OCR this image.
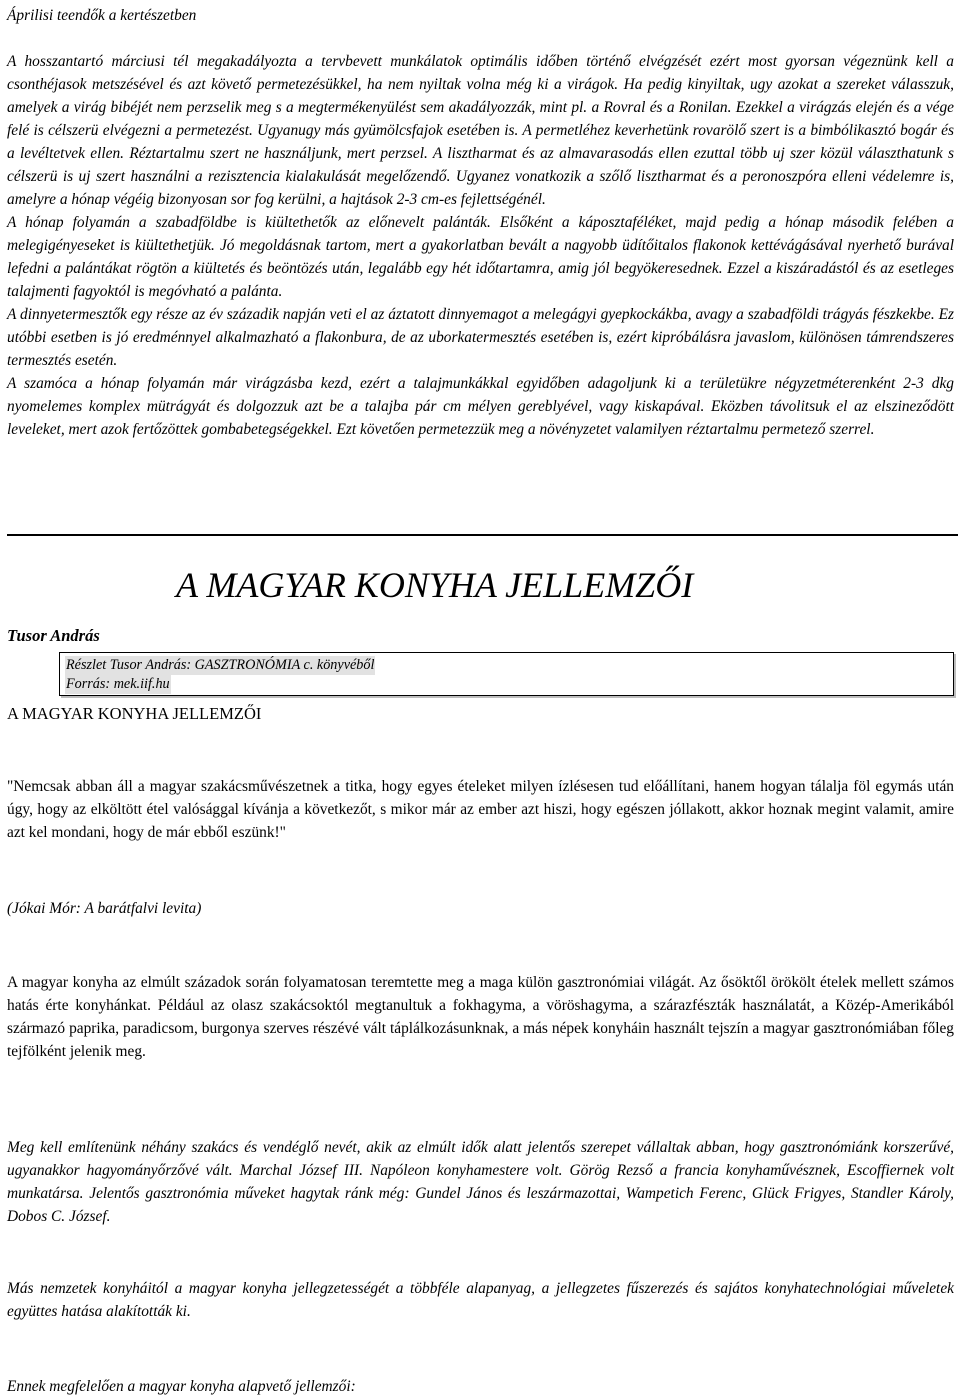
Áprilisi teendők a kertészetben

A hosszantartó márciusi tél megakadályozta a tervbevett munkálatok optimális időben történő elvégzését ezért most gyorsan végeznünk kell a csonthéjasok metszésével és azt követő permetezésükkel, ha nem nyiltak volna még ki a virágok. Ha pedig kinyiltak, ugy azokat a szereket válasszuk, amelyek a virág bibéjét nem perzselik meg s a megtermékenyülést sem akadályozzák, mint pl. a Rovral és a Ronilan. Ezekkel a virágzás elején és a vége felé is célszerü elvégezni a permetezést. Ugyanugy más gyümölcsfajok esetében is. A permetléhez keverhetünk rovarölő szert is a bimbólikasztó bogár és a levéltetvek ellen. Réztartalmu szert ne használjunk, mert perzsel. A lisztharmat és az almavarasodás ellen ezuttal több uj szer közül választhatunk s célszerü is uj szert használni a rezisztencia kialakulását megelőzendő. Ugyanez vonatkozik a szőlő lisztharmat és a peronoszpóra elleni védelemre is, amelyre a hónap végéig bizonyosan sor fog kerülni, a hajtások 2-3 cm-es fejlettségénél.

A hónap folyamán a szabadföldbe is kiültethetők az előnevelt palánták. Elsőként a káposztaféléket, majd pedig a hónap második felében a melegigényeseket is kiültethetjük. Jó megoldásnak tartom, mert a gyakorlatban bevált a nagyobb üdítőitalos flakonok kettévágásával nyerhető burával lefedni a palántákat rögtön a kiültetés és beöntözés után, legalább egy hét időtartamra, amig jól begyökeresednek. Ezzel a kiszáradástól és az esetleges talajmenti fagyoktól is megóvható a palánta.

A dinnyetermesztők egy része az év századik napján veti el az áztatott dinnyemagot a melegágyi gyepkockákba, avagy a szabadföldi trágyás fészkekbe. Ez utóbbi esetben is jó eredménnyel alkalmazható a flakonbura, de az uborkatermesztés esetében is, ezért kipróbálásra javaslom, különösen támrendszeres termesztés esetén.

A szamóca a hónap folyamán már virágzásba kezd, ezért a talajmunkákkal egyidőben adagoljunk ki a területükre négyzetméterenként 2-3 dkg nyomelemes komplex mütrágyát és dolgozzuk azt be a talajba pár cm mélyen gereblyével, vagy kiskapával. Eközben távolitsuk el az elszineződött leveleket, mert azok fertőzöttek gombabetegségekkel. Ezt követően permetezzük meg a növényzetet valamilyen réztartalmu permetező szerrel.

A MAGYAR KONYHA JELLEMZŐI
Tusor András
Részlet Tusor András: GASZTRONÓMIA c. könyvéből
Forrás: mek.iif.hu
A MAGYAR KONYHA JELLEMZŐI

"Nemcsak abban áll a magyar szakácsművészetnek a titka, hogy egyes ételeket milyen ízlésesen tud előállítani, hanem hogyan tálalja föl egymás után úgy, hogy az elköltött étel valósággal kívánja a következőt, s mikor már az ember azt hiszi, hogy egészen jóllakott, akkor hoznak megint valamit, amire azt kel mondani, hogy de már ebből eszünk!"

(Jókai Mór: A barátfalvi levita)

A magyar konyha az elmúlt századok során folyamatosan teremtette meg a maga külön gasztronómiai világát. Az ősöktől örökölt ételek mellett számos hatás érte konyhánkat. Például az olasz szakácsoktól megtanultuk a fokhagyma, a vöröshagyma, a szárazfészták használatát, a Közép-Amerikából származó paprika, paradicsom, burgonya szerves részévé vált táplálkozásunknak, a más népek konyháin használt tejszín a magyar gasztronómiában főleg tejfölként jelenik meg.

Meg kell említenünk néhány szakács és vendéglő nevét, akik az elmúlt idők alatt jelentős szerepet vállaltak abban, hogy gasztronómiánk korszerűvé, ugyanakkor hagyományőrzővé vált. Marchal József III. Napóleon konyhamestere volt. Görög Rezső a francia konyhaművésznek, Escoffiernek volt munkatársa. Jelentős gasztronómia műveket hagytak ránk még: Gundel János és leszármazottai, Wampetich Ferenc, Glück Frigyes, Standler Károly, Dobos C. József.

Más nemzetek konyháitól a magyar konyha jellegzetességét a többféle alapanyag, a jellegzetes fűszerezés és sajátos konyhatechnológiai műveletek együttes hatása alakították ki.

Ennek megfelelően a magyar konyha alapvető jellemzői:
